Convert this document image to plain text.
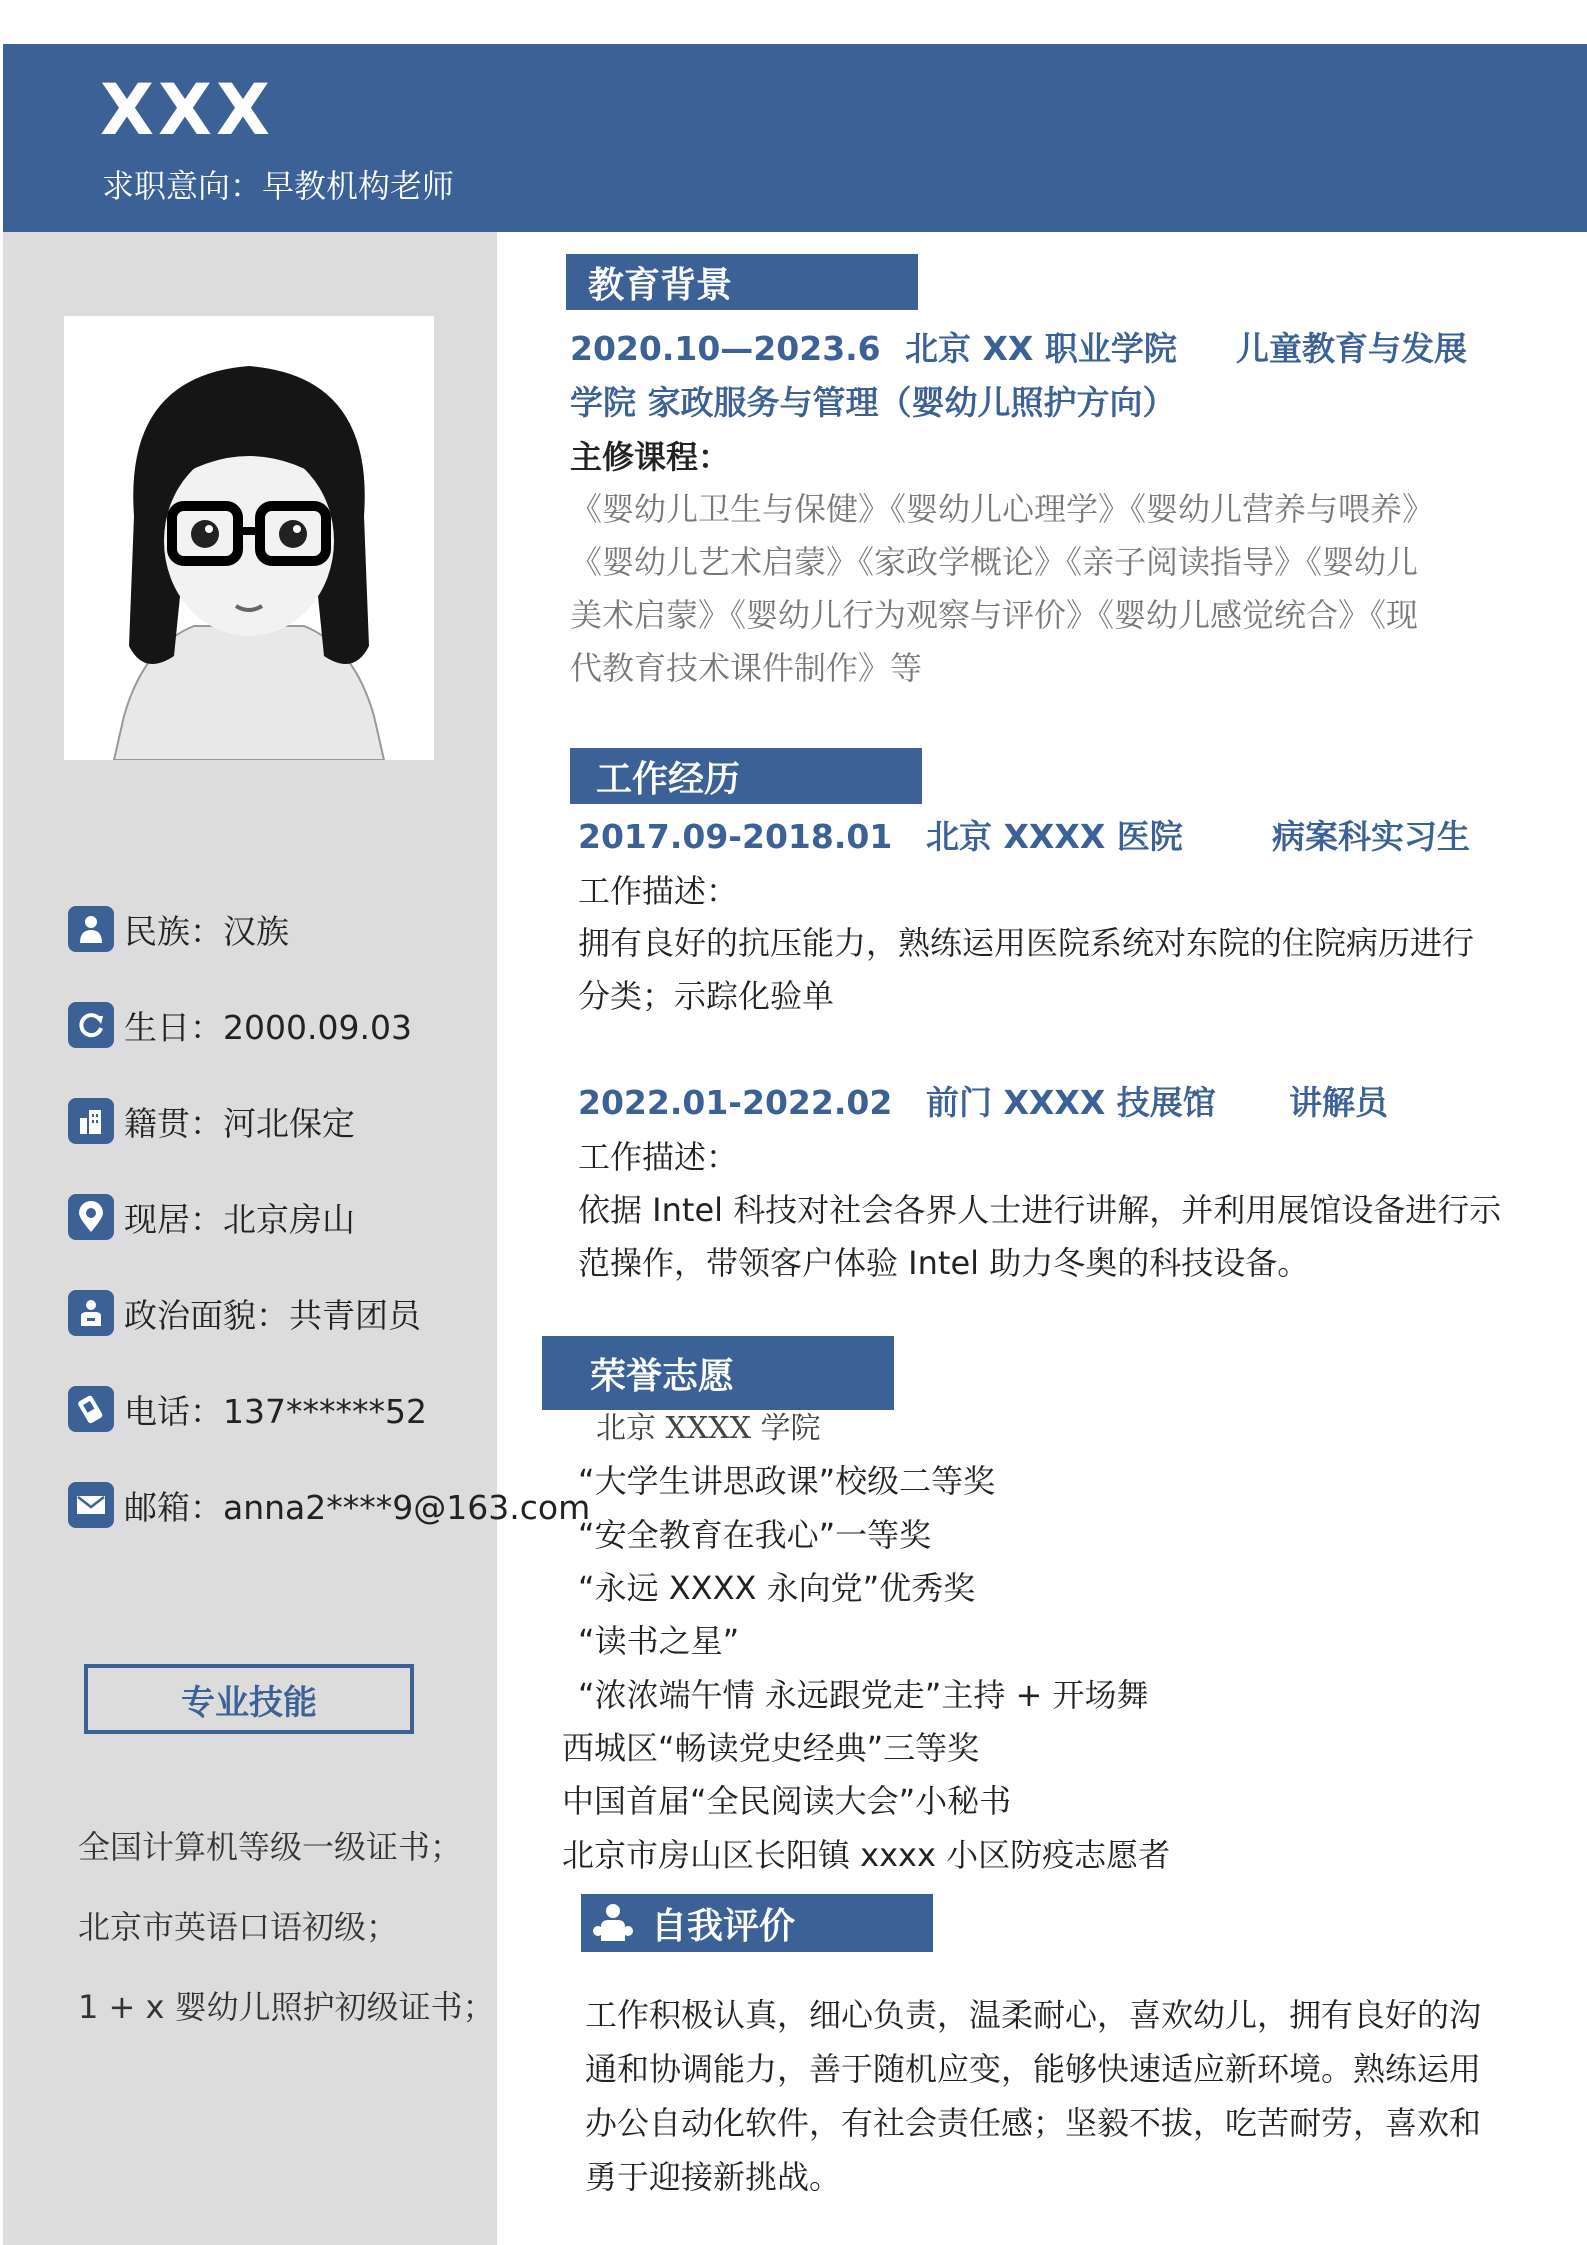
XXX
求职意向：早教机构老师
民族：汉族
生日：2000.09.03
籍贯：河北保定
现居：北京房山
政治面貌：共青团员
电话：137******52
邮箱：anna2****9@163.com
专业技能
全国计算机等级一级证书；
北京市英语口语初级；
1 + x 婴幼儿照护初级证书；
教育背景
2020.10—2023.6 北京 XX 职业学院 儿童教育与发展
学院 家政服务与管理（婴幼儿照护方向）
主修课程：
《婴幼儿卫生与保健》《婴幼儿心理学》《婴幼儿营养与喂养》
《婴幼儿艺术启蒙》《家政学概论》《亲子阅读指导》《婴幼儿
美术启蒙》《婴幼儿行为观察与评价》《婴幼儿感觉统合》《现
代教育技术课件制作》等
工作经历
2017.09-2018.01 北京 XXXX 医院	病案科实习生
工作描述：
拥有良好的抗压能力，熟练运用医院系统对东院的住院病历进行
分类；示踪化验单
2022.01-2022.02 前门 XXXX 技展馆 讲解员
工作描述：
依据 Intel 科技对社会各界人士进行讲解，并利用展馆设备进行示
范操作，带领客户体验 Intel 助力冬奥的科技设备。
荣誉志愿
北京 XXXX 学院
“大学生讲思政课”校级二等奖
“安全教育在我心”一等奖
“永远 XXXX 永向党”优秀奖
“读书之星”
“浓浓端午情 永远跟党走”主持 + 开场舞
西城区“畅读党史经典”三等奖
中国首届“全民阅读大会”小秘书
北京市房山区长阳镇 xxxx 小区防疫志愿者
自我评价
工作积极认真，细心负责，温柔耐心，喜欢幼儿，拥有良好的沟
通和协调能力，善于随机应变，能够快速适应新环境。熟练运用
办公自动化软件，有社会责任感；坚毅不拔，吃苦耐劳，喜欢和
勇于迎接新挑战。
